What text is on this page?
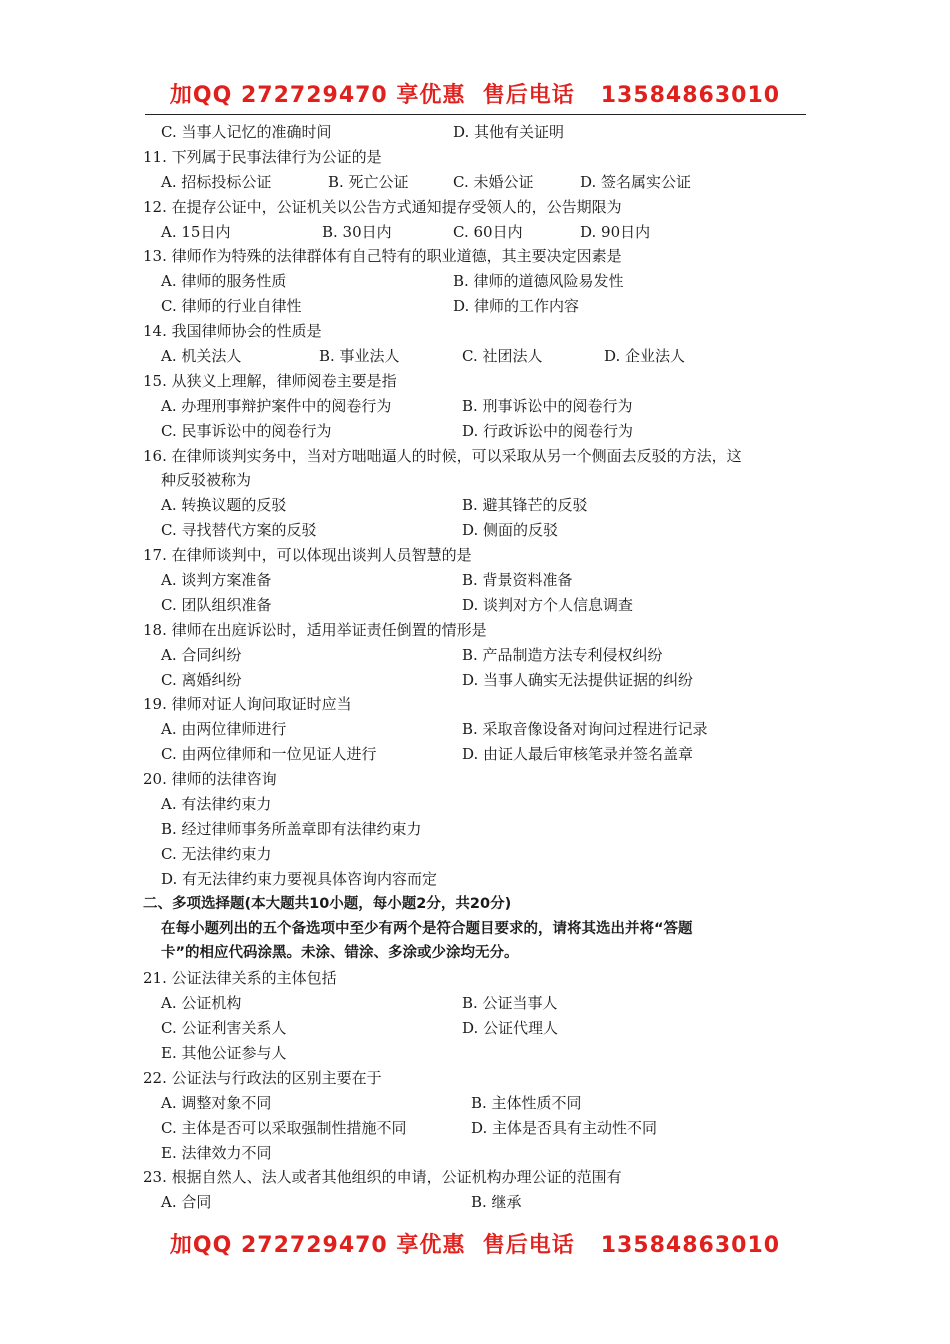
加QQ 272729470 享优惠  售后电话   13584863010
C. 当事人记忆的准确时间	D. 其他有关证明
11. 下列属于民事法律行为公证的是
A. 招标投标公证	B. 死亡公证	C. 未婚公证	D. 签名属实公证
12. 在提存公证中，公证机关以公告方式通知提存受领人的，公告期限为
A. 15日内	B. 30日内	C. 60日内	D. 90日内
13. 律师作为特殊的法律群体有自己特有的职业道德，其主要决定因素是
A. 律师的服务性质	B. 律师的道德风险易发性
C. 律师的行业自律性	D. 律师的工作内容
14. 我国律师协会的性质是
A. 机关法人	B. 事业法人	C. 社团法人	D. 企业法人
15. 从狭义上理解，律师阅卷主要是指
A. 办理刑事辩护案件中的阅卷行为	B. 刑事诉讼中的阅卷行为
C. 民事诉讼中的阅卷行为	D. 行政诉讼中的阅卷行为
16. 在律师谈判实务中，当对方咄咄逼人的时候，可以采取从另一个侧面去反驳的方法，这
种反驳被称为
A. 转换议题的反驳	B. 避其锋芒的反驳
C. 寻找替代方案的反驳	D. 侧面的反驳
17. 在律师谈判中，可以体现出谈判人员智慧的是
A. 谈判方案准备	B. 背景资料准备
C. 团队组织准备	D. 谈判对方个人信息调查
18. 律师在出庭诉讼时，适用举证责任倒置的情形是
A. 合同纠纷	B. 产品制造方法专利侵权纠纷
C. 离婚纠纷	D. 当事人确实无法提供证据的纠纷
19. 律师对证人询问取证时应当
A. 由两位律师进行	B. 采取音像设备对询问过程进行记录
C. 由两位律师和一位见证人进行	D. 由证人最后审核笔录并签名盖章
20. 律师的法律咨询
A. 有法律约束力
B. 经过律师事务所盖章即有法律约束力
C. 无法律约束力
D. 有无法律约束力要视具体咨询内容而定
二、多项选择题(本大题共10小题，每小题2分，共20分)
在每小题列出的五个备选项中至少有两个是符合题目要求的，请将其选出并将“答题
卡”的相应代码涂黑。未涂、错涂、多涂或少涂均无分。
21. 公证法律关系的主体包括
A. 公证机构	B. 公证当事人
C. 公证利害关系人	D. 公证代理人
E. 其他公证参与人
22. 公证法与行政法的区别主要在于
A. 调整对象不同	B. 主体性质不同
C. 主体是否可以采取强制性措施不同	D. 主体是否具有主动性不同
E. 法律效力不同
23. 根据自然人、法人或者其他组织的申请，公证机构办理公证的范围有
A. 合同	B. 继承
加QQ 272729470 享优惠  售后电话   13584863010
